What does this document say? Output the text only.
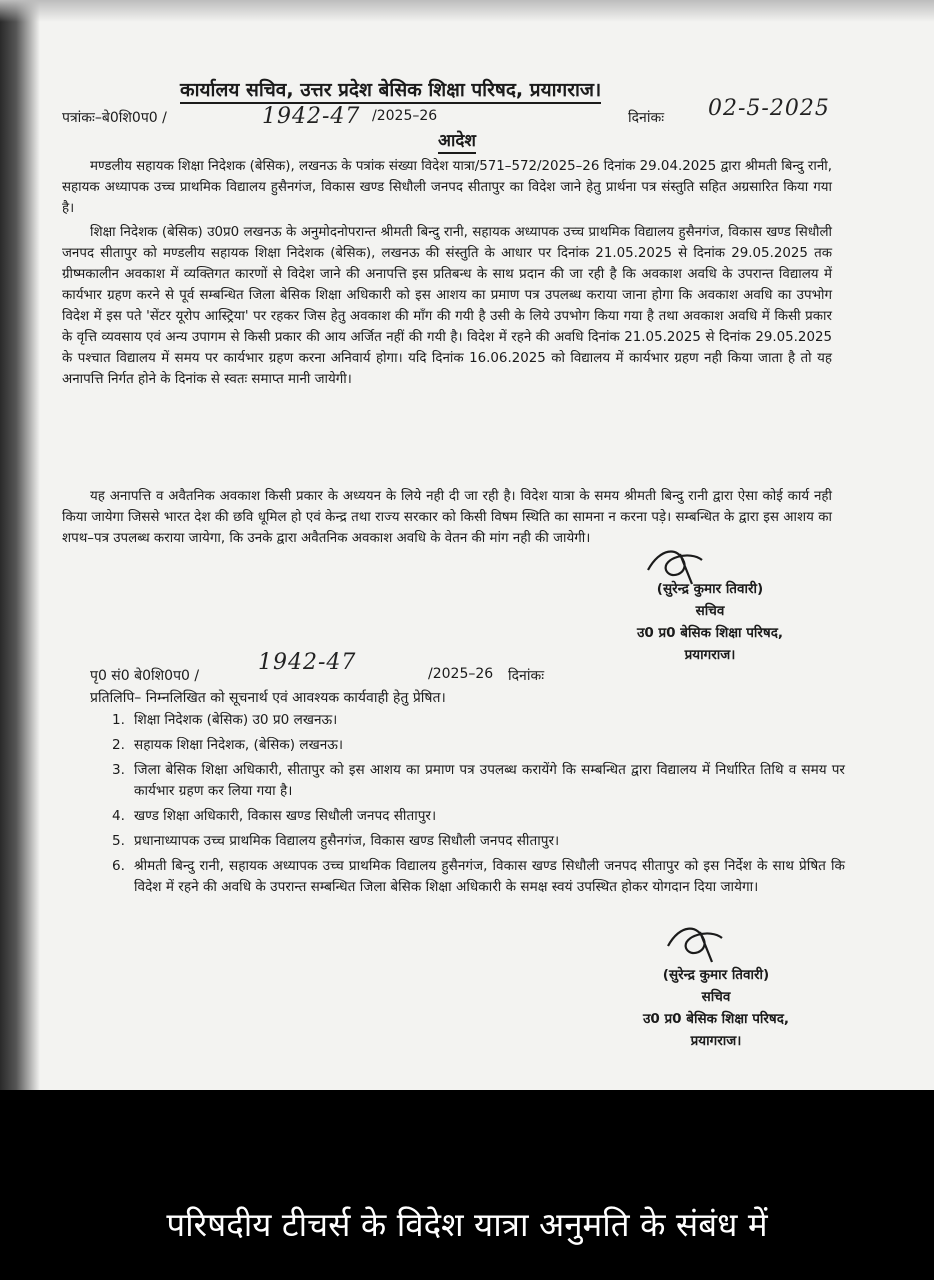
कार्यालय सचिव, उत्तर प्रदेश बेसिक शिक्षा परिषद, प्रयागराज।
पत्रांकः–बे0शि0प0 /	1942-47 /2025–26	दिनांकः 02-5-2025
आदेश
मण्डलीय सहायक शिक्षा निदेशक (बेसिक), लखनऊ के पत्रांक संख्या विदेश यात्रा/571–572/2025–26 दिनांक 29.04.2025 द्वारा श्रीमती बिन्दु रानी, सहायक अध्यापक उच्च प्राथमिक विद्यालय हुसैनगंज, विकास खण्ड सिधौली जनपद सीतापुर का विदेश जाने हेतु प्रार्थना पत्र संस्तुति सहित अग्रसारित किया गया है।
शिक्षा निदेशक (बेसिक) उ0प्र0 लखनऊ के अनुमोदनोपरान्त श्रीमती बिन्दु रानी, सहायक अध्यापक उच्च प्राथमिक विद्यालय हुसैनगंज, विकास खण्ड सिधौली जनपद सीतापुर को मण्डलीय सहायक शिक्षा निदेशक (बेसिक), लखनऊ की संस्तुति के आधार पर दिनांक 21.05.2025 से दिनांक 29.05.2025 तक ग्रीष्मकालीन अवकाश में व्यक्तिगत कारणों से विदेश जाने की अनापत्ति इस प्रतिबन्ध के साथ प्रदान की जा रही है कि अवकाश अवधि के उपरान्त विद्यालय में कार्यभार ग्रहण करने से पूर्व सम्बन्धित जिला बेसिक शिक्षा अधिकारी को इस आशय का प्रमाण पत्र उपलब्ध कराया जाना होगा कि अवकाश अवधि का उपभोग विदेश में इस पते 'सेंटर यूरोप आस्ट्रिया' पर रहकर जिस हेतु अवकाश की माँग की गयी है उसी के लिये उपभोग किया गया है तथा अवकाश अवधि में किसी प्रकार के वृत्ति व्यवसाय एवं अन्य उपागम से किसी प्रकार की आय अर्जित नहीं की गयी है। विदेश में रहने की अवधि दिनांक 21.05.2025 से दिनांक 29.05.2025 के पश्चात विद्यालय में समय पर कार्यभार ग्रहण करना अनिवार्य होगा। यदि दिनांक 16.06.2025 को विद्यालय में कार्यभार ग्रहण नही किया जाता है तो यह अनापत्ति निर्गत होने के दिनांक से स्वतः समाप्त मानी जायेगी।
यह अनापत्ति व अवैतनिक अवकाश किसी प्रकार के अध्ययन के लिये नही दी जा रही है। विदेश यात्रा के समय श्रीमती बिन्दु रानी द्वारा ऐसा कोई कार्य नही किया जायेगा जिससे भारत देश की छवि धूमिल हो एवं केन्द्र तथा राज्य सरकार को किसी विषम स्थिति का सामना न करना पड़े। सम्बन्धित के द्वारा इस आशय का शपथ–पत्र उपलब्ध कराया जायेगा, कि उनके द्वारा अवैतनिक अवकाश अवधि के वेतन की मांग नही की जायेगी।
(सुरेन्द्र कुमार तिवारी)
सचिव
उ0 प्र0 बेसिक शिक्षा परिषद,
प्रयागराज।
पृ0 सं0 बे0शि0प0 /
1942-47	/2025–26 दिनांकः
प्रतिलिपि– निम्नलिखित को सूचनार्थ एवं आवश्यक कार्यवाही हेतु प्रेषित।
1. शिक्षा निदेशक (बेसिक) उ0 प्र0 लखनऊ।
2. सहायक शिक्षा निदेशक, (बेसिक) लखनऊ।
3. जिला बेसिक शिक्षा अधिकारी, सीतापुर को इस आशय का प्रमाण पत्र उपलब्ध करायेंगे कि सम्बन्धित द्वारा विद्यालय में निर्धारित तिथि व समय पर कार्यभार ग्रहण कर लिया गया है।
4. खण्ड शिक्षा अधिकारी, विकास खण्ड सिधौली जनपद सीतापुर।
5. प्रधानाध्यापक उच्च प्राथमिक विद्यालय हुसैनगंज, विकास खण्ड सिधौली जनपद सीतापुर।
6. श्रीमती बिन्दु रानी, सहायक अध्यापक उच्च प्राथमिक विद्यालय हुसैनगंज, विकास खण्ड सिधौली जनपद सीतापुर को इस निर्देश के साथ प्रेषित कि विदेश में रहने की अवधि के उपरान्त सम्बन्धित जिला बेसिक शिक्षा अधिकारी के समक्ष स्वयं उपस्थित होकर योगदान दिया जायेगा।
(सुरेन्द्र कुमार तिवारी)
सचिव
उ0 प्र0 बेसिक शिक्षा परिषद,
प्रयागराज।
परिषदीय टीचर्स के विदेश यात्रा अनुमति के संबंध में
